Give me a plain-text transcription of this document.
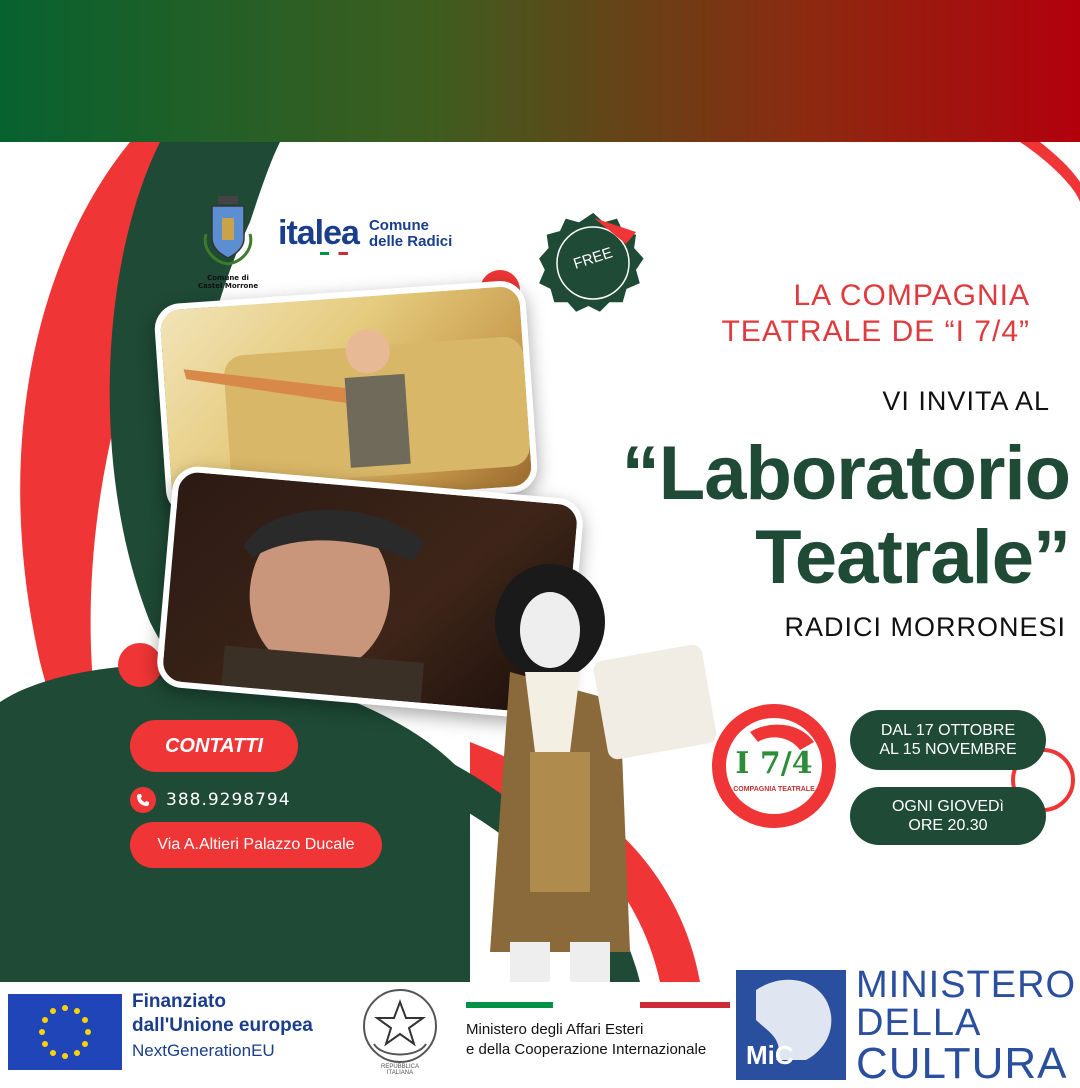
Comune di
Castel Morrone
italea Comune
delle Radici
FREE
LA COMPAGNIA
TEATRALE DE “I 7/4”
VI INVITA AL
“Laboratorio
Teatrale”
RADICI MORRONESI
I 7/4
COMPAGNIA TEATRALE
DAL 17 OTTOBRE
AL 15 NOVEMBRE
OGNI GIOVEDì
ORE 20.30
CONTATTI
388.9298794
Via A.Altieri Palazzo Ducale
Finanziato
dall'Unione europea
NextGenerationEU
REPUBBLICA ITALIANA
Ministero degli Affari Esteri
e della Cooperazione Internazionale MiC
MINISTERO
DELLA
CULTURA
